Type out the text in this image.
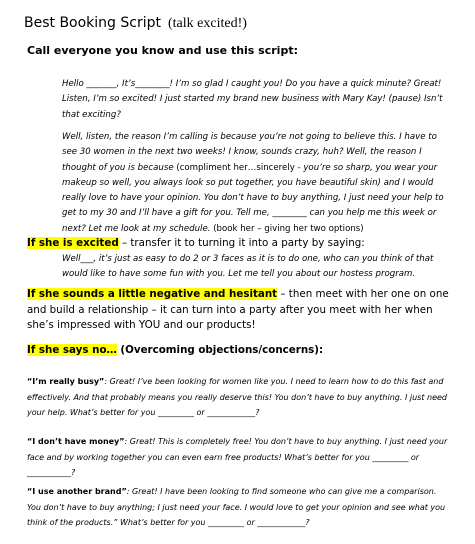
Best Booking Script (talk excited!)
Call everyone you know and use this script:
Hello _______, It’s________! I’m so glad I caught you! Do you have a quick minute? Great! Listen, I’m so excited! I just started my brand new business with Mary Kay! (pause) Isn’t that exciting?
Well, listen, the reason I’m calling is because you’re not going to believe this. I have to see 30 women in the next two weeks! I know, sounds crazy, huh? Well, the reason I thought of you is because (compliment her…sincerely - you’re so sharp, you wear your makeup so well, you always look so put together, you have beautiful skin) and I would really love to have your opinion. You don’t have to buy anything, I just need your help to get to my 30 and I’ll have a gift for you. Tell me, ________ can you help me this week or next? Let me look at my schedule. (book her – giving her two options)
If she is excited – transfer it to turning it into a party by saying:
Well___, it’s just as easy to do 2 or 3 faces as it is to do one, who can you think of that would like to have some fun with you. Let me tell you about our hostess program.
If she sounds a little negative and hesitant – then meet with her one on one and build a relationship – it can turn into a party after you meet with her when she’s impressed with YOU and our products!
If she says no… (Overcoming objections/concerns):
“I’m really busy”: Great! I’ve been looking for women like you. I need to learn how to do this fast and effectively. And that probably means you really deserve this! You don’t have to buy anything. I just need your help. What’s better for you _________ or ____________?
“I don’t have money”: Great! This is completely free! You don’t have to buy anything. I just need your face and by working together you can even earn free products! What’s better for you _________ or ___________?
“I use another brand”: Great! I have been looking to find someone who can give me a comparison. You don’t have to buy anything; I just need your face. I would love to get your opinion and see what you think of the products.” What’s better for you _________ or ____________?
